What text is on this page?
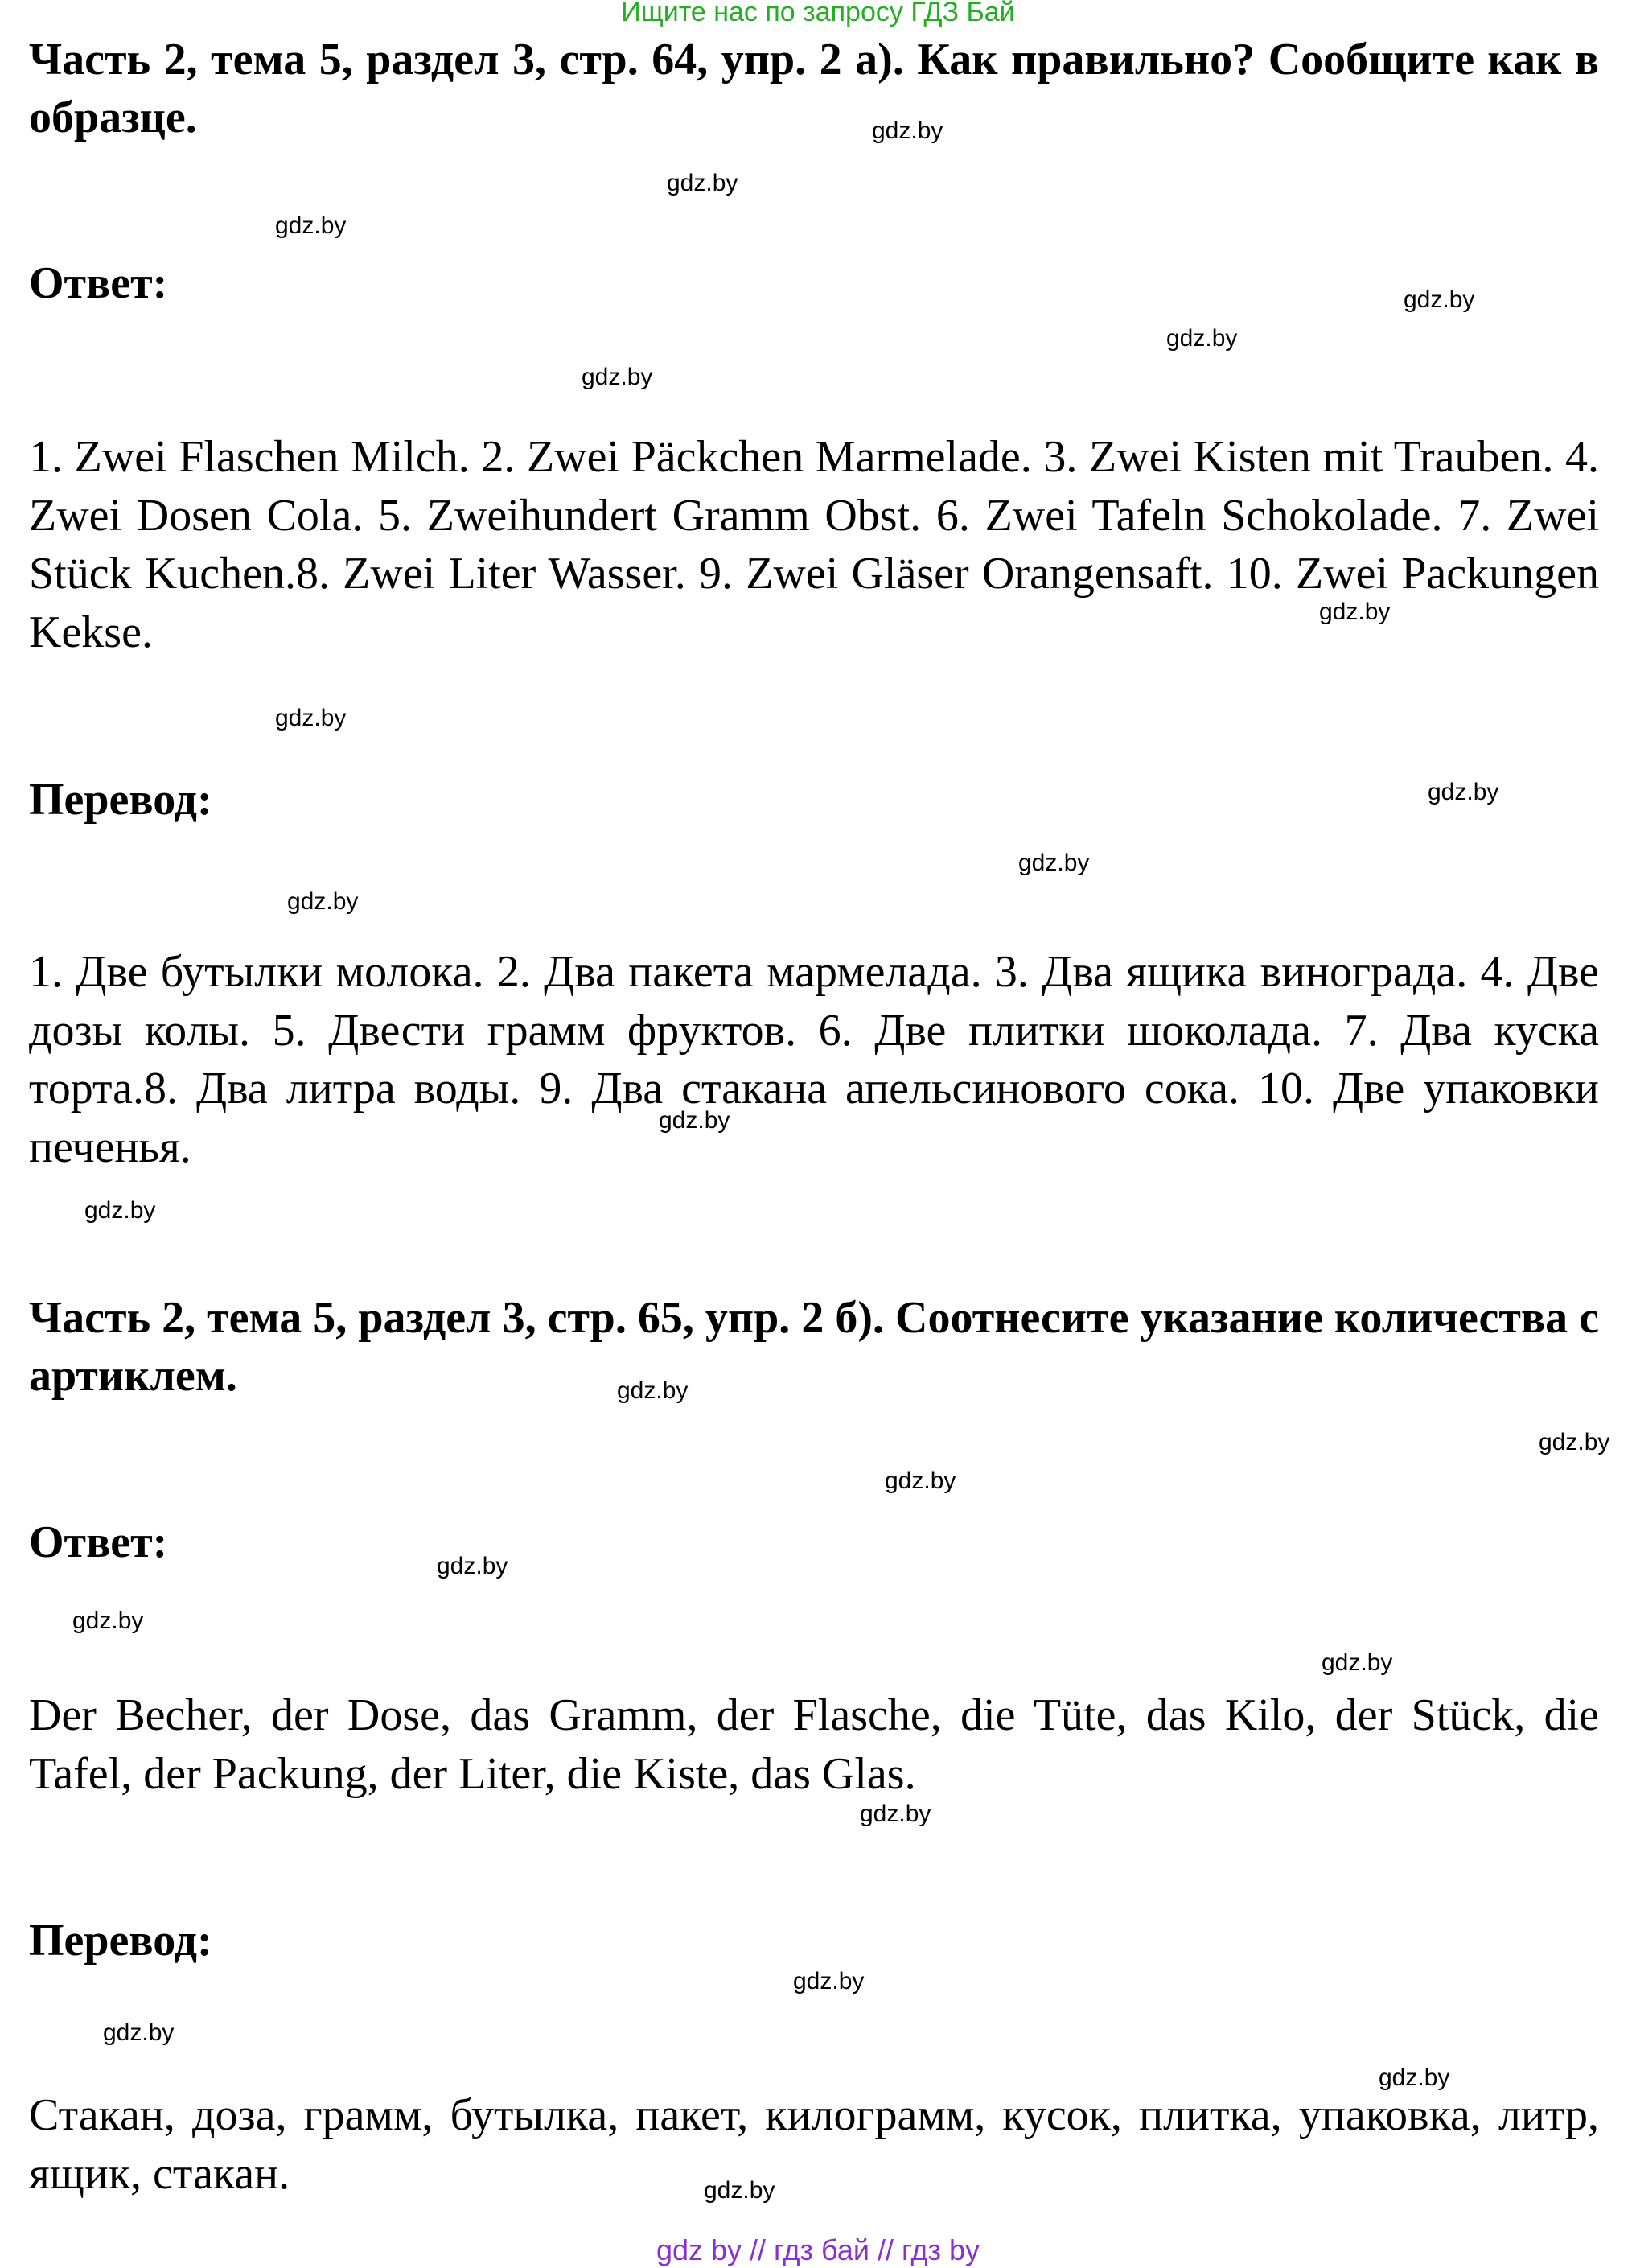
Ищите нас по запросу ГДЗ Бай
Часть 2, тема 5, раздел 3, стр. 64, упр. 2 а). Как правильно? Сообщите как в образце.
Ответ:
1. Zwei Flaschen Milch. 2. Zwei Päckchen Marmelade. 3. Zwei Kisten mit Trauben. 4. Zwei Dosen Cola. 5. Zweihundert Gramm Obst. 6. Zwei Tafeln Schokolade. 7. Zwei Stück Kuchen.8. Zwei Liter Wasser. 9. Zwei Gläser Orangensaft. 10. Zwei Packungen Kekse.
Перевод:
1. Две бутылки молока. 2. Два пакета мармелада. 3. Два ящика винограда. 4. Две дозы колы. 5. Двести грамм фруктов. 6. Две плитки шоколада. 7. Два куска торта.8. Два литра воды. 9. Два стакана апельсинового сока. 10. Две упаковки печенья.
Часть 2, тема 5, раздел 3, стр. 65, упр. 2 б). Соотнесите указание количества с артиклем.
Ответ:
Der Becher, der Dose, das Gramm, der Flasche, die Tüte, das Kilo, der Stück, die Tafel, der Packung, der Liter, die Kiste, das Glas.
Перевод:
Стакан, доза, грамм, бутылка, пакет, килограмм, кусок, плитка, упаковка, литр, ящик, стакан.
gdz.by
gdz.by
gdz.by
gdz.by
gdz.by
gdz.by
gdz.by
gdz.by
gdz.by
gdz.by
gdz.by
gdz.by
gdz.by
gdz.by
gdz.by
gdz.by
gdz.by
gdz.by
gdz.by
gdz.by
gdz.by
gdz.by
gdz.by
gdz.by
gdz by // гдз бай // гдз by
